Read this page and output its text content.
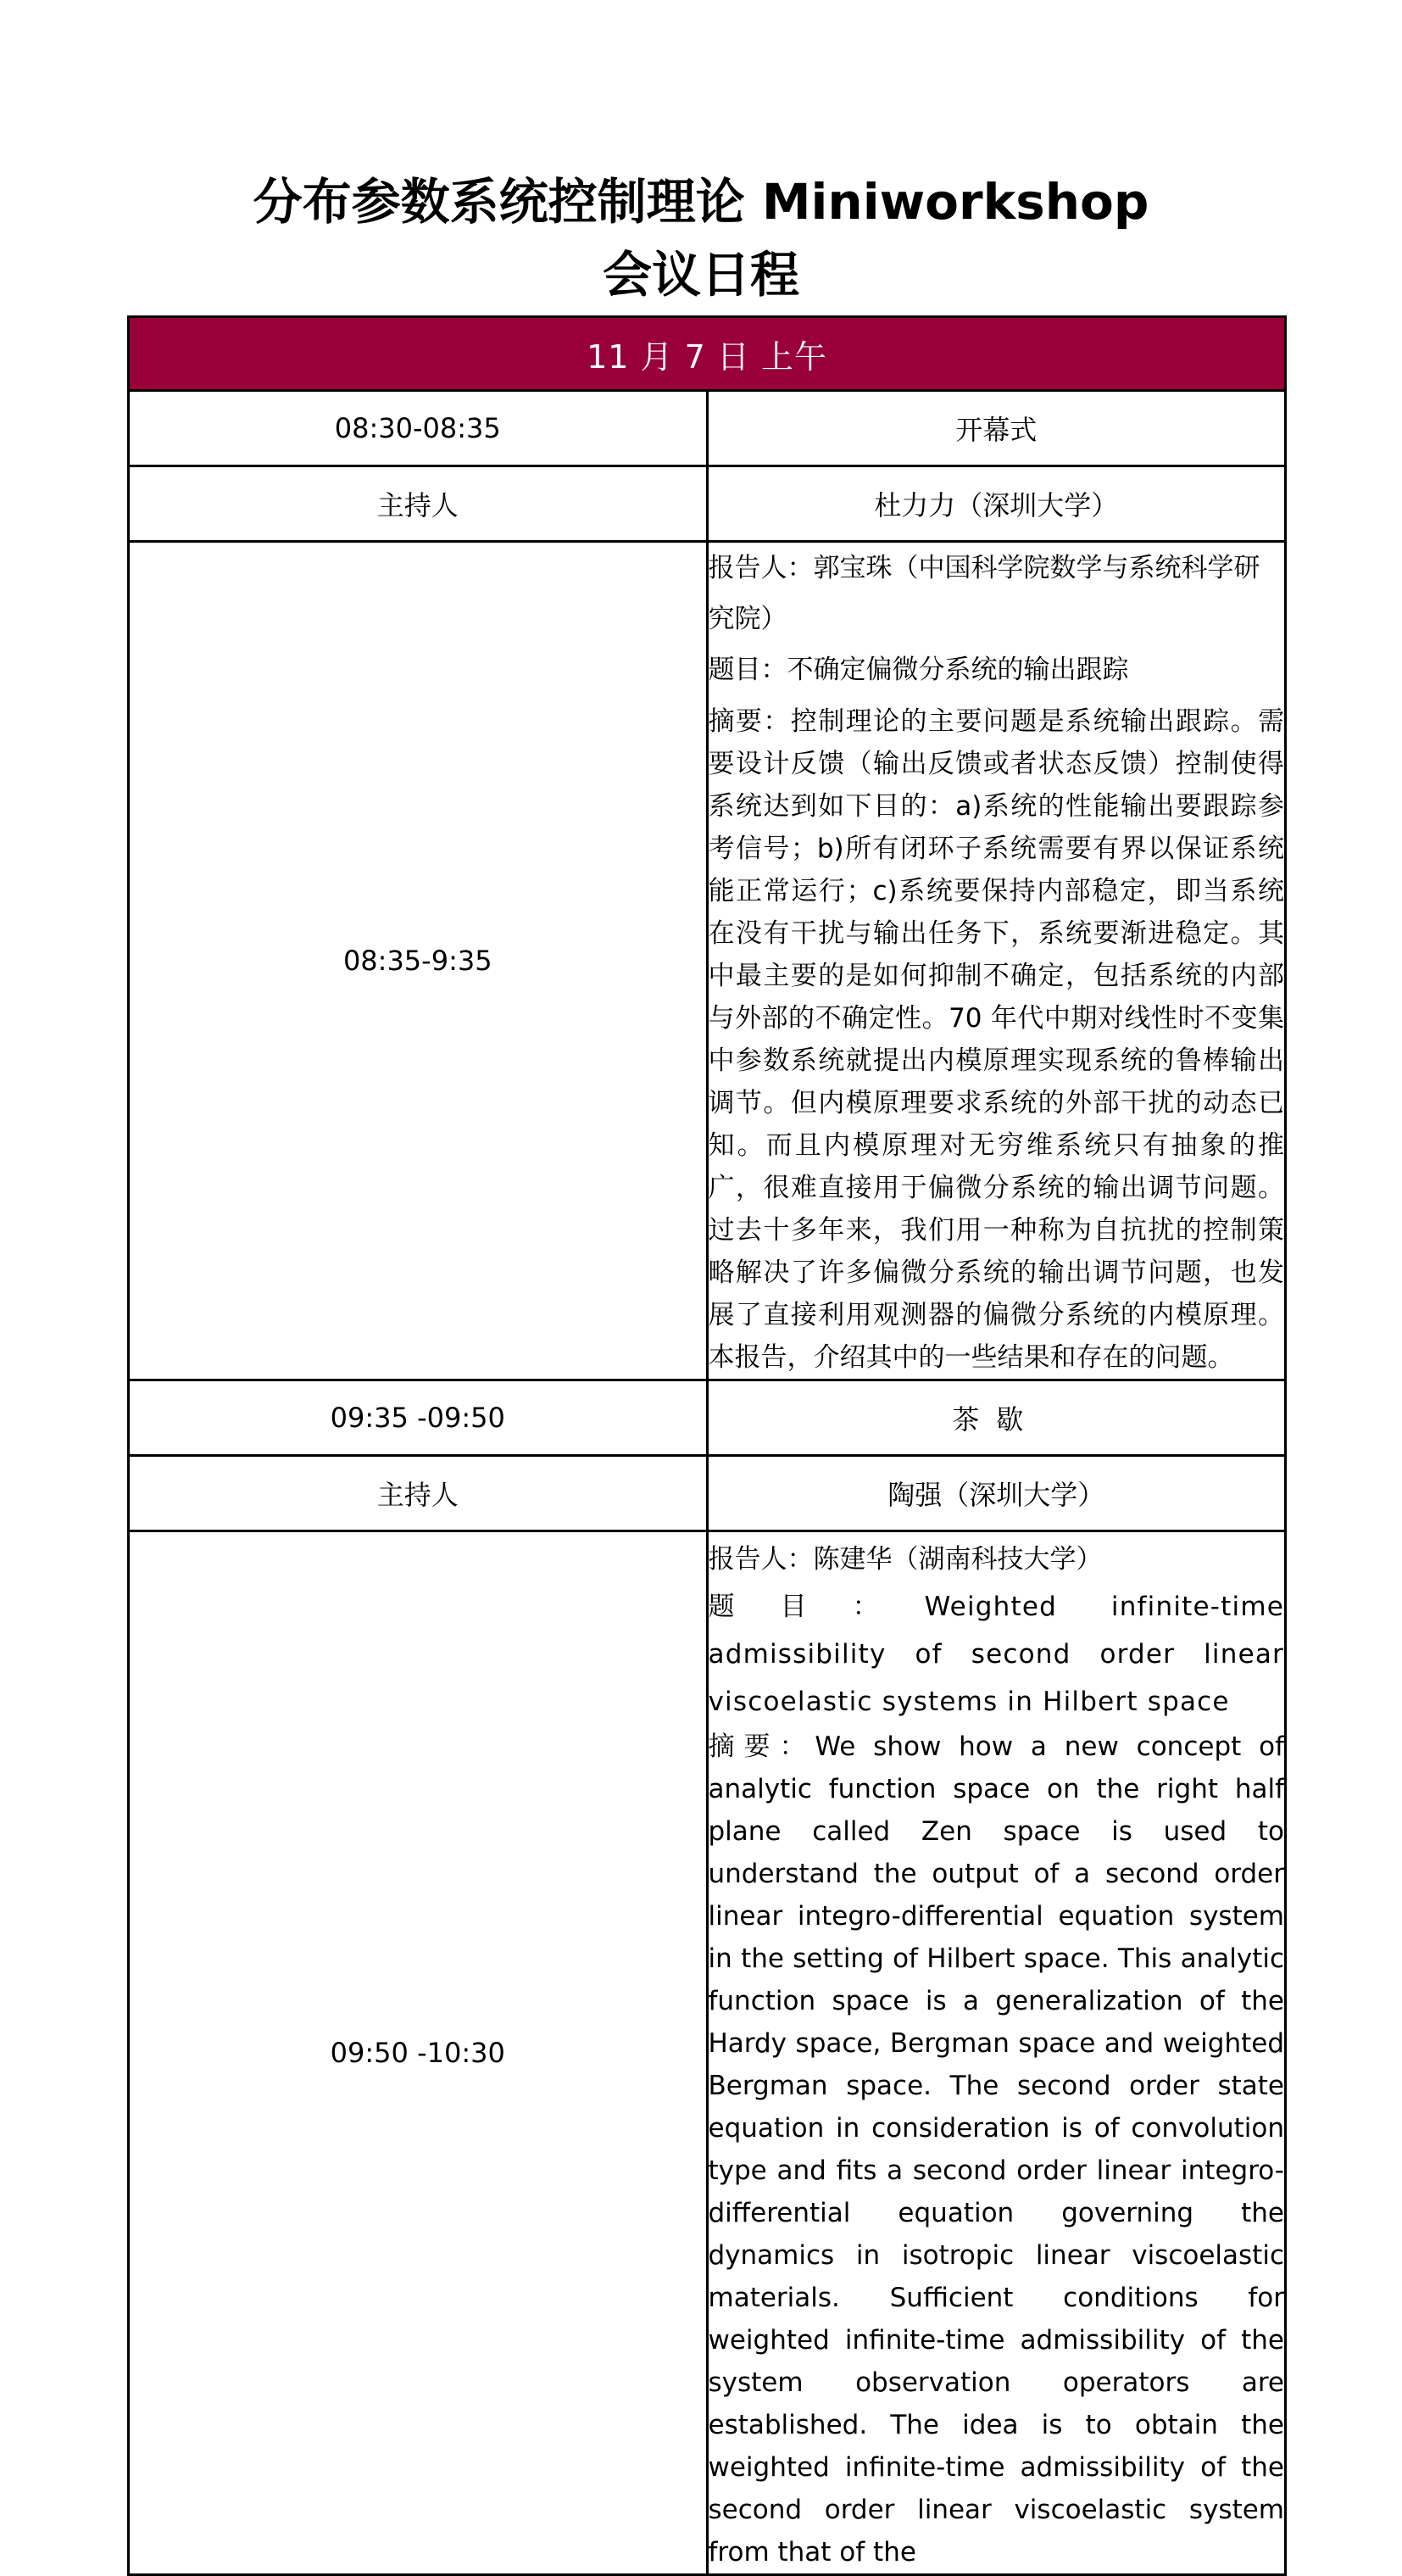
分布参数系统控制理论 Miniworkshop
会议日程
11 月 7 日 上午	
08:30-08:35	开幕式
主持人	杜力力（深圳大学）
08:35-9:35	报告人：郭宝珠（中国科学院数学与系统科学研究院）
题目：不确定偏微分系统的输出跟踪
摘要：控制理论的主要问题是系统输出跟踪。需要设计反馈（输出反馈或者状态反馈）控制使得系统达到如下目的：a)系统的性能输出要跟踪参考信号；b)所有闭环子系统需要有界以保证系统能正常运行；c)系统要保持内部稳定，即当系统在没有干扰与输出任务下，系统要渐进稳定。其中最主要的是如何抑制不确定，包括系统的内部与外部的不确定性。70 年代中期对线性时不变集中参数系统就提出内模原理实现系统的鲁棒输出调节。但内模原理要求系统的外部干扰的动态已知。而且内模原理对无穷维系统只有抽象的推广，很难直接用于偏微分系统的输出调节问题。过去十多年来，我们用一种称为自抗扰的控制策略解决了许多偏微分系统的输出调节问题，也发展了直接利用观测器的偏微分系统的内模原理。本报告，介绍其中的一些结果和存在的问题。

09:35 -09:50	茶歇
主持人	陶强（深圳大学）
09:50 -10:30	报告人：陈建华（湖南科技大学）
题目：Weighted infinite-time admissibility of second order linear viscoelastic systems in Hilbert space
摘要：We show how a new concept of analytic function space on the right half plane called Zen space is used to understand the output of a second order linear integro-differential equation system in the setting of Hilbert space. This analytic function space is a generalization of the Hardy space, Bergman space and weighted Bergman space. The second order state equation in consideration is of convolution type and fits a second order linear integro-differential equation governing the dynamics in isotropic linear viscoelastic materials. Sufficient conditions for weighted infinite-time admissibility of the system observation operators are established. The idea is to obtain the weighted infinite-time admissibility of the second order linear viscoelastic system from that of the
